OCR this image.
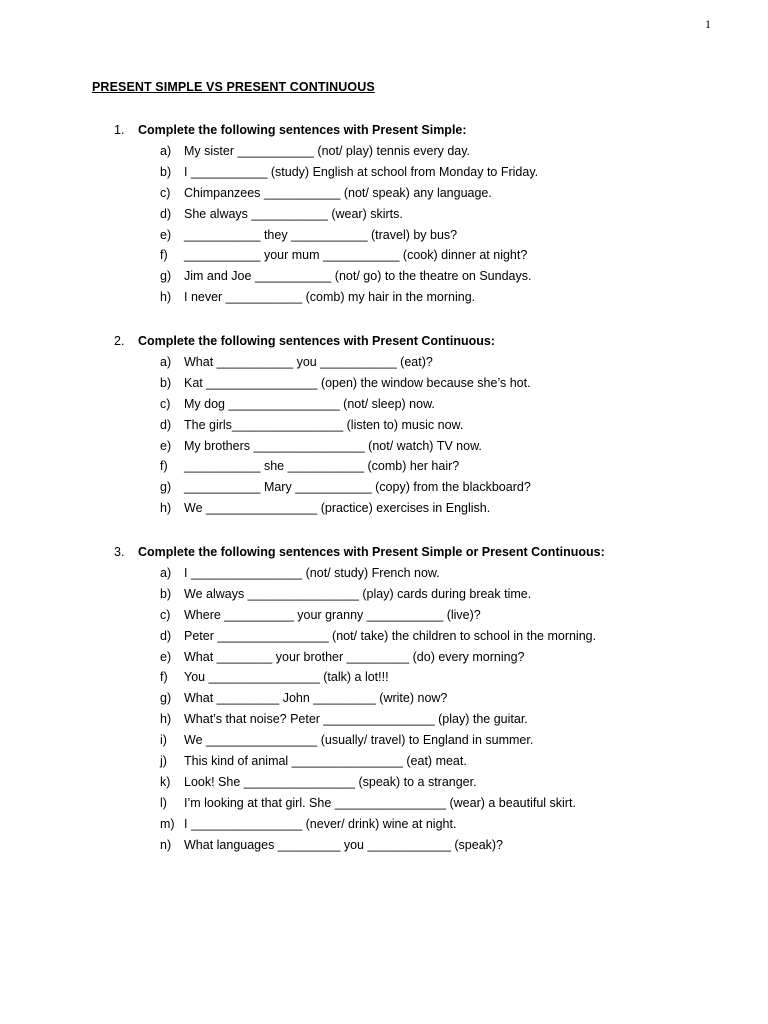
1
PRESENT SIMPLE VS PRESENT CONTINUOUS
1. Complete the following sentences with Present Simple:
a) My sister ___________ (not/ play) tennis every day.
b) I ___________ (study) English at school from Monday to Friday.
c) Chimpanzees ___________ (not/ speak) any language.
d) She always ___________ (wear) skirts.
e) ___________ they ___________ (travel) by bus?
f) ___________ your mum ___________ (cook) dinner at night?
g) Jim and Joe ___________ (not/ go) to the theatre on Sundays.
h) I never ___________ (comb) my hair in the morning.
2. Complete the following sentences with Present Continuous:
a) What ___________ you ___________ (eat)?
b) Kat ________________ (open) the window because she’s hot.
c) My dog ________________ (not/ sleep) now.
d) The girls________________ (listen to) music now.
e) My brothers ________________ (not/ watch) TV now.
f) ___________ she ___________ (comb) her hair?
g) ___________ Mary ___________ (copy) from the blackboard?
h) We ________________ (practice) exercises in English.
3. Complete the following sentences with Present Simple or Present Continuous:
a) I ________________ (not/ study) French now.
b) We always ________________ (play) cards during break time.
c) Where __________ your granny ___________ (live)?
d) Peter ________________ (not/ take) the children to school in the morning.
e) What ________ your brother _________ (do) every morning?
f) You ________________ (talk) a lot!!!
g) What _________ John _________ (write) now?
h) What’s that noise? Peter ________________ (play) the guitar.
i) We ________________ (usually/ travel) to England in summer.
j) This kind of animal ________________ (eat) meat.
k) Look! She ________________ (speak) to a stranger.
l) I’m looking at that girl. She ________________ (wear) a beautiful skirt.
m) I ________________ (never/ drink) wine at night.
n) What languages _________ you ____________ (speak)?
